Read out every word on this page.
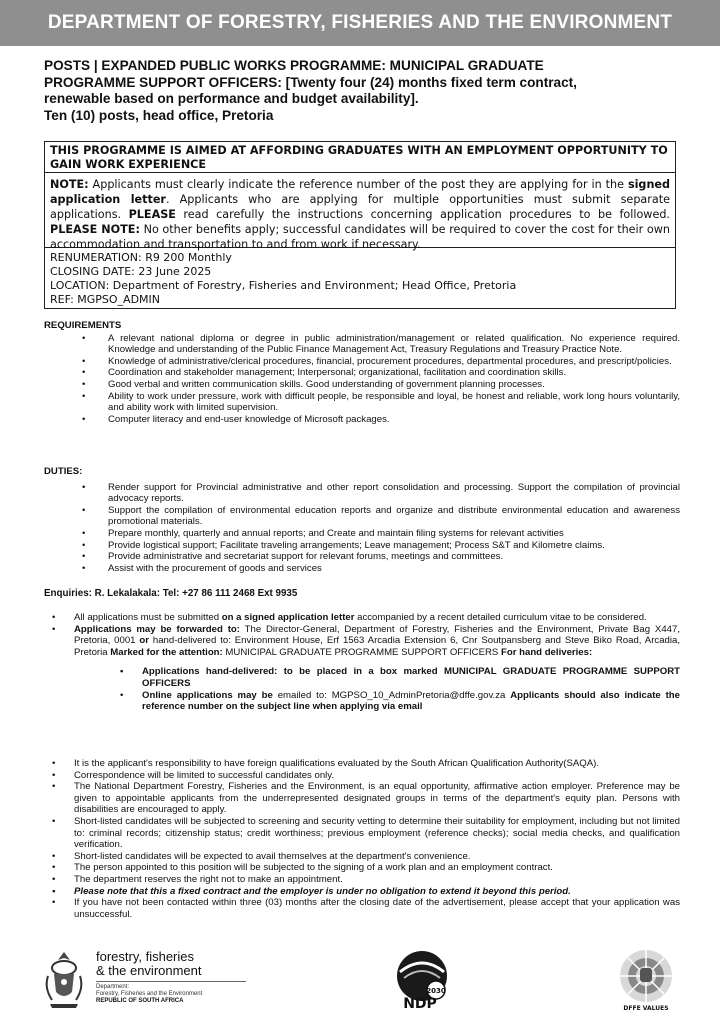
DEPARTMENT OF FORESTRY, FISHERIES AND THE ENVIRONMENT
POSTS | EXPANDED PUBLIC WORKS PROGRAMME: MUNICIPAL GRADUATE
PROGRAMME SUPPORT OFFICERS: [Twenty four (24) months fixed term contract,
renewable based on performance and budget availability].
Ten (10) posts, head office, Pretoria
THIS PROGRAMME IS AIMED AT AFFORDING GRADUATES WITH AN EMPLOYMENT OPPORTUNITY TO GAIN WORK EXPERIENCE
NOTE: Applicants must clearly indicate the reference number of the post they are applying for in the signed application letter. Applicants who are applying for multiple opportunities must submit separate applications. PLEASE read carefully the instructions concerning application procedures to be followed. PLEASE NOTE: No other benefits apply; successful candidates will be required to cover the cost for their own accommodation and transportation to and from work if necessary.
RENUMERATION: R9 200 Monthly
CLOSING DATE: 23 June 2025
LOCATION: Department of Forestry, Fisheries and Environment; Head Office, Pretoria
REF: MGPSO_ADMIN
REQUIREMENTS
• A relevant national diploma or degree in public administration/management or related qualification. No experience required. Knowledge and understanding of the Public Finance Management Act, Treasury Regulations and Treasury Practice Note.
• Knowledge of administrative/clerical procedures, financial, procurement procedures, departmental procedures, and prescript/policies.
• Coordination and stakeholder management; Interpersonal; organizational, facilitation and coordination skills.
• Good verbal and written communication skills. Good understanding of government planning processes.
• Ability to work under pressure, work with difficult people, be responsible and loyal, be honest and reliable, work long hours voluntarily, and ability work with limited supervision.
• Computer literacy and end-user knowledge of Microsoft packages.
DUTIES:
• Render support for Provincial administrative and other report consolidation and processing. Support the compilation of provincial advocacy reports.
• Support the compilation of environmental education reports and organize and distribute environmental education and awareness promotional materials.
• Prepare monthly, quarterly and annual reports; and Create and maintain filing systems for relevant activities
• Provide logistical support; Facilitate traveling arrangements; Leave management; Process S&T and Kilometre claims.
• Provide administrative and secretariat support for relevant forums, meetings and committees.
• Assist with the procurement of goods and services
Enquiries: R. Lekalakala: Tel: +27 86 111 2468 Ext 9935
• All applications must be submitted on a signed application letter accompanied by a recent detailed curriculum vitae to be considered.
• Applications may be forwarded to: The Director-General, Department of Forestry, Fisheries and the Environment, Private Bag X447, Pretoria, 0001 or hand-delivered to: Environment House, Erf 1563 Arcadia Extension 6, Cnr Soutpansberg and Steve Biko Road, Arcadia, Pretoria Marked for the attention: MUNICIPAL GRADUATE PROGRAMME SUPPORT OFFICERS For hand deliveries:
• Applications hand-delivered: to be placed in a box marked MUNICIPAL GRADUATE PROGRAMME SUPPORT OFFICERS
• Online applications may be emailed to: MGPSO_10_AdminPretoria@dffe.gov.za Applicants should also indicate the reference number on the subject line when applying via email
• It is the applicant's responsibility to have foreign qualifications evaluated by the South African Qualification Authority(SAQA).
• Correspondence will be limited to successful candidates only.
• The National Department Forestry, Fisheries and the Environment, is an equal opportunity, affirmative action employer. Preference may be given to appointable applicants from the underrepresented designated groups in terms of the department's equity plan. Persons with disabilities are encouraged to apply.
• Short-listed candidates will be subjected to screening and security vetting to determine their suitability for employment, including but not limited to: criminal records; citizenship status; credit worthiness; previous employment (reference checks); social media checks, and qualification verification.
• Short-listed candidates will be expected to avail themselves at the department's convenience.
• The person appointed to this position will be subjected to the signing of a work plan and an employment contract.
• The department reserves the right not to make an appointment.
• Please note that this a fixed contract and the employer is under no obligation to extend it beyond this period.
• If you have not been contacted within three (03) months after the closing date of the advertisement, please accept that your application was unsuccessful.
forestry, fisheries
& the environment
Department:
Forestry, Fisheries and the Environment
REPUBLIC OF SOUTH AFRICA
2030
NDP	DFFE VALUES
